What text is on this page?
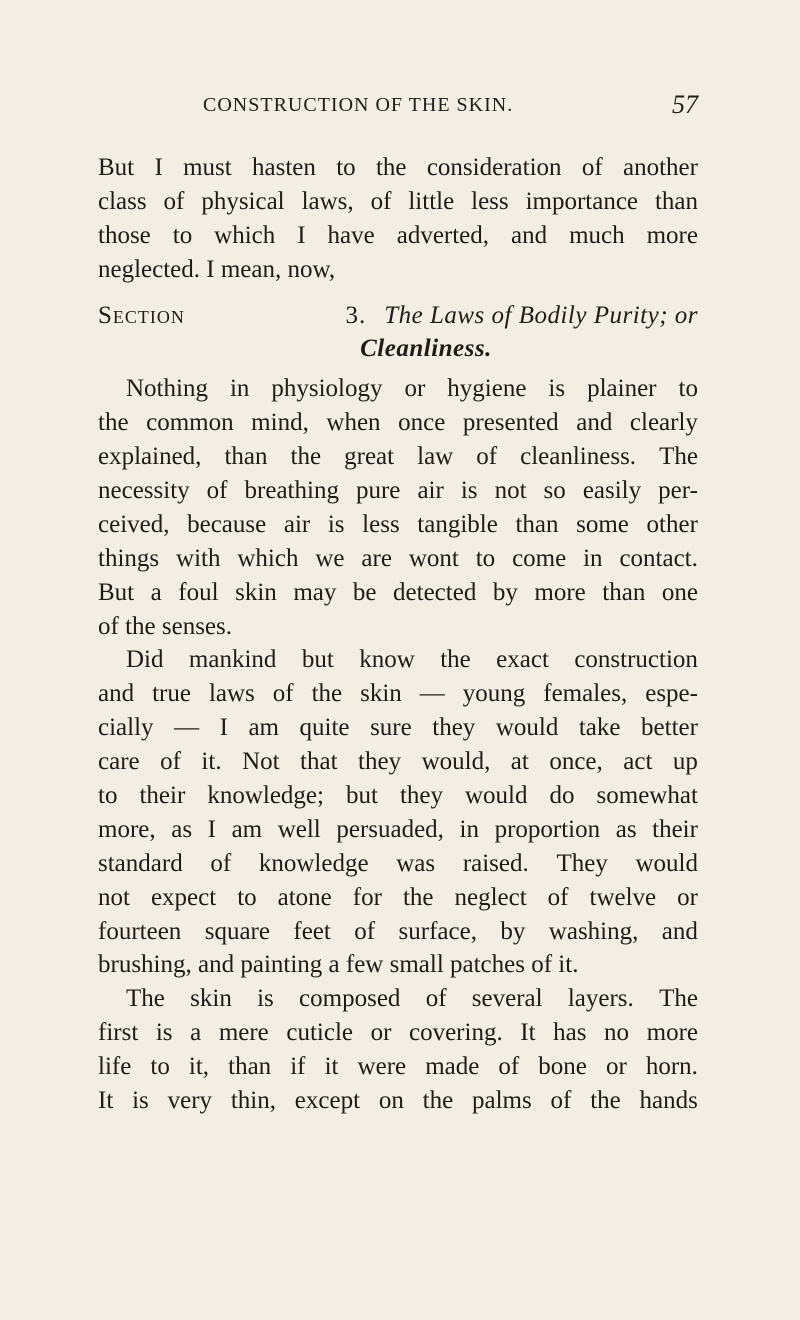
CONSTRUCTION OF THE SKIN.	57
But I must hasten to the consideration of another
class of physical laws, of little less importance than
those to which I have adverted, and much more
neglected. I mean, now,
Section	3. The Laws of Bodily Purity; or
Cleanliness.
Nothing in physiology or hygiene is plainer to
the common mind, when once presented and clearly
explained, than the great law of cleanliness. The
necessity of breathing pure air is not so easily per-
ceived, because air is less tangible than some other
things with which we are wont to come in contact.
But a foul skin may be detected by more than one
of the senses.
Did mankind but know the exact construction
and true laws of the skin — young females, espe-
cially — I am quite sure they would take better
care of it. Not that they would, at once, act up
to their knowledge; but they would do somewhat
more, as I am well persuaded, in proportion as their
standard of knowledge was raised. They would
not expect to atone for the neglect of twelve or
fourteen square feet of surface, by washing, and
brushing, and painting a few small patches of it.
The skin is composed of several layers. The
first is a mere cuticle or covering. It has no more
life to it, than if it were made of bone or horn.
It is very thin, except on the palms of the hands
